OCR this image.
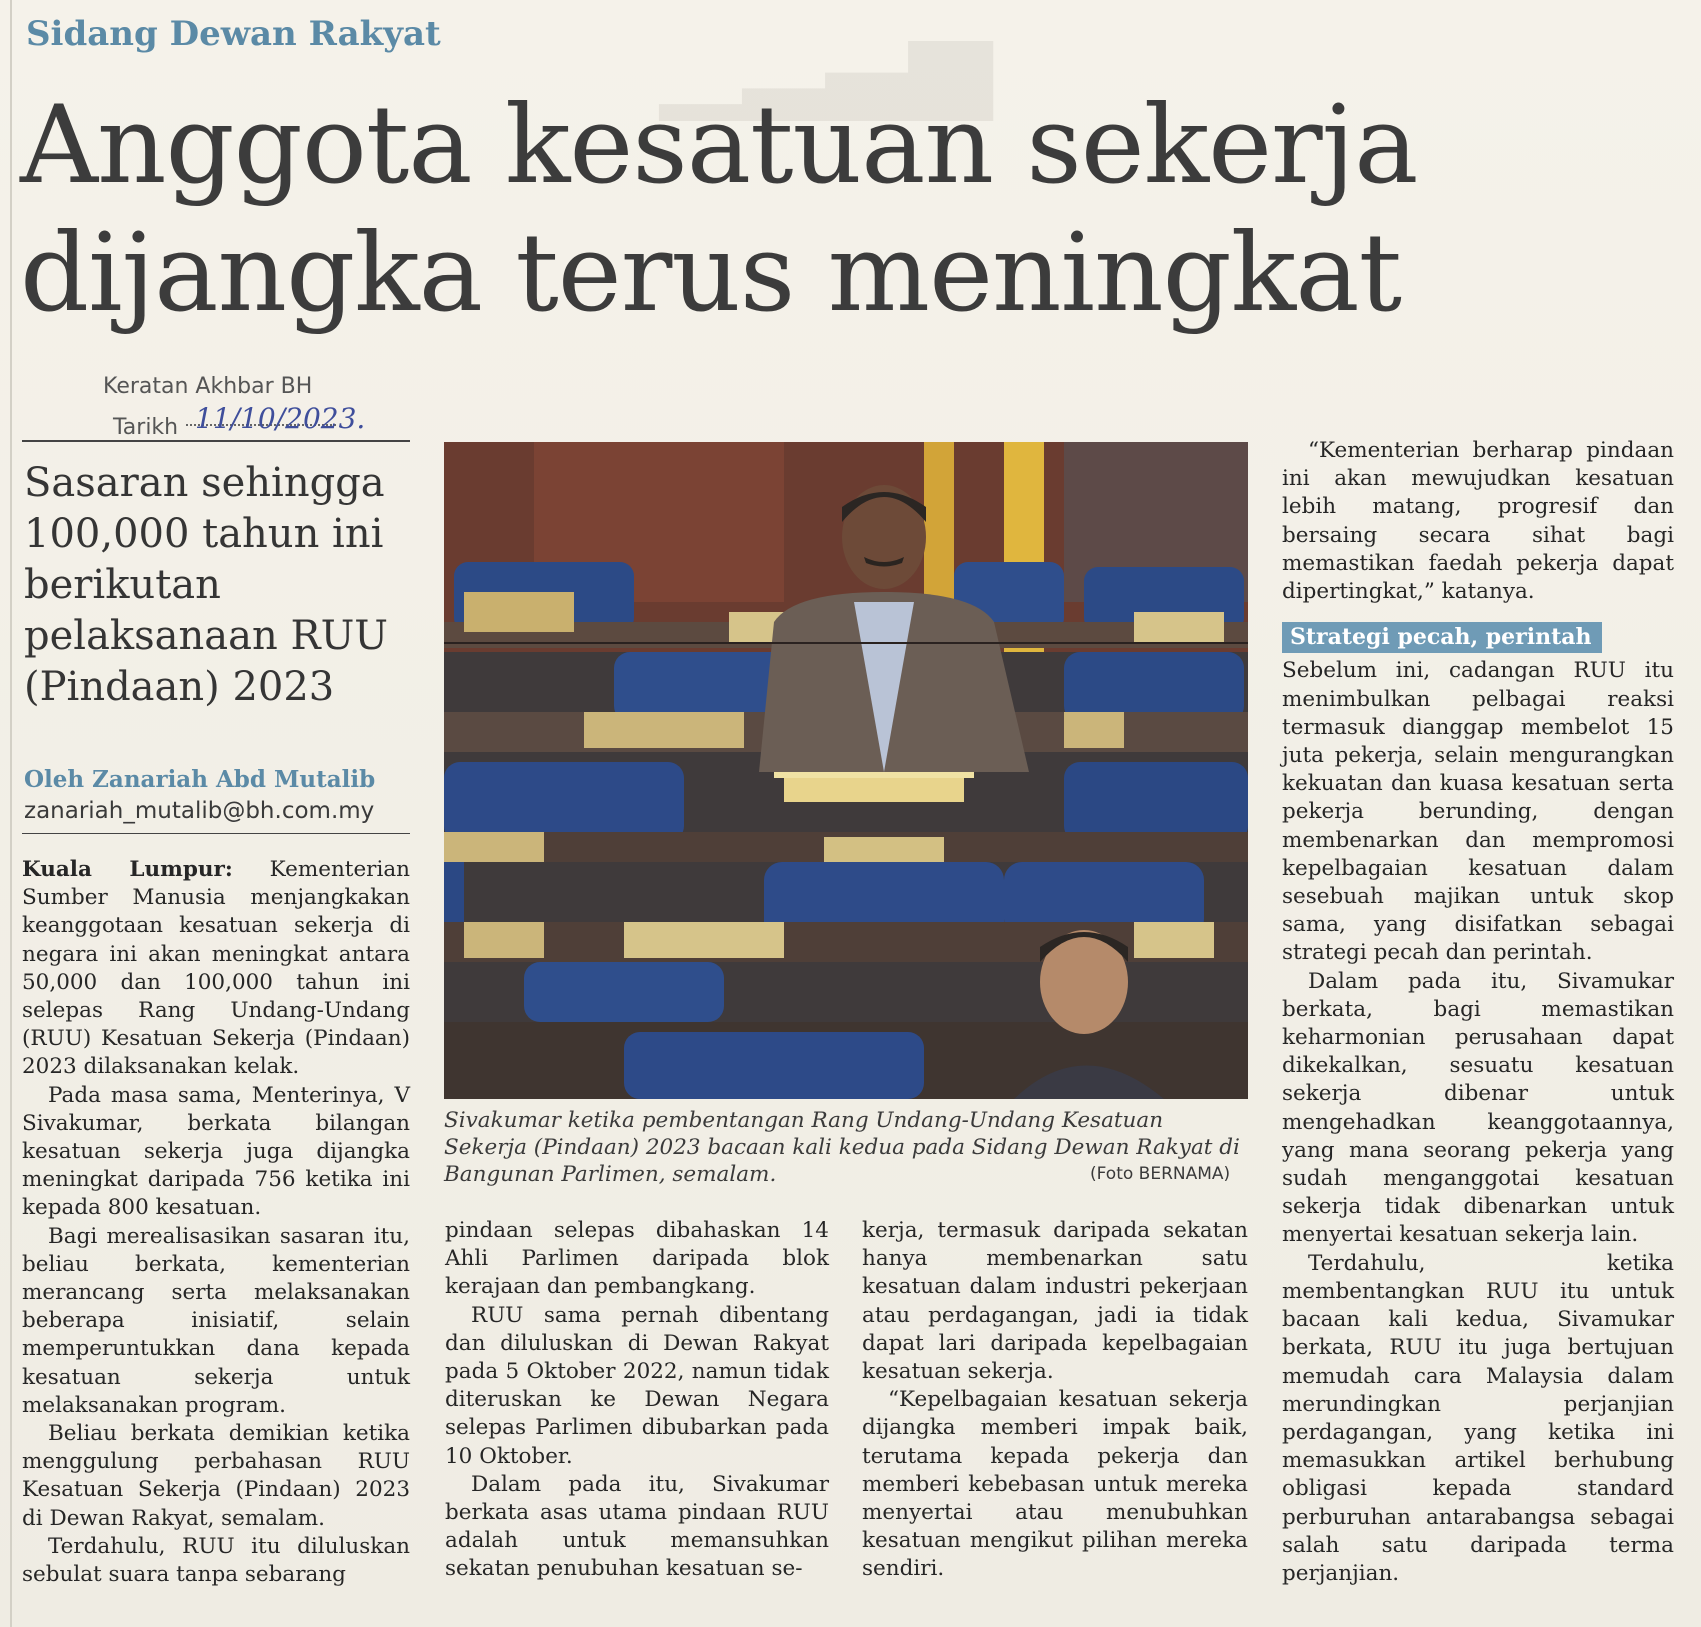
▁▂▃▅
Sidang Dewan Rakyat
Anggota kesatuan sekerja
dijangka terus meningkat
Keratan Akhbar BH
Tarikh 11/10/2023.
Sasaran sehingga 100,000 tahun ini berikutan pelaksanaan RUU (Pindaan) 2023
Oleh Zanariah Abd Mutalib
zanariah_mutalib@bh.com.my

Kuala Lumpur: Kementerian Sumber Manusia menjangkakan keanggotaan kesatuan sekerja di negara ini akan meningkat antara 50,000 dan 100,000 tahun ini selepas Rang Undang-Undang (RUU) Kesatuan Sekerja (Pindaan) 2023 dilaksanakan kelak.

Pada masa sama, Menterinya, V Sivakumar, berkata bilangan kesatuan sekerja juga dijangka meningkat daripada 756 ketika ini kepada 800 kesatuan.

Bagi merealisasikan sasaran itu, beliau berkata, kementerian merancang serta melaksanakan beberapa inisiatif, selain memperuntukkan dana kepada kesatuan sekerja untuk melaksanakan program.

Beliau berkata demikian ketika menggulung perbahasan RUU Kesatuan Sekerja (Pindaan) 2023 di Dewan Rakyat, semalam.

Terdahulu, RUU itu diluluskan sebulat suara tanpa sebarang

Sivakumar ketika pembentangan Rang Undang-Undang Kesatuan Sekerja (Pindaan) 2023 bacaan kali kedua pada Sidang Dewan Rakyat di Bangunan Parlimen, semalam.	(Foto BERNAMA)

pindaan selepas dibahaskan 14 Ahli Parlimen daripada blok kerajaan dan pembangkang.

RUU sama pernah dibentang dan diluluskan di Dewan Rakyat pada 5 Oktober 2022, namun tidak diteruskan ke Dewan Negara selepas Parlimen dibubarkan pada 10 Oktober.

Dalam pada itu, Sivakumar berkata asas utama pindaan RUU adalah untuk memansuhkan sekatan penubuhan kesatuan se-

kerja, termasuk daripada sekatan hanya membenarkan satu kesatuan dalam industri pekerjaan atau perdagangan, jadi ia tidak dapat lari daripada kepelbagaian kesatuan sekerja.

“Kepelbagaian kesatuan sekerja dijangka memberi impak baik, terutama kepada pekerja dan memberi kebebasan untuk mereka menyertai atau menubuhkan kesatuan mengikut pilihan mereka sendiri.

“Kementerian berharap pindaan ini akan mewujudkan kesatuan lebih matang, progresif dan bersaing secara sihat bagi memastikan faedah pekerja dapat dipertingkat,” katanya.

Strategi pecah, perintah

Sebelum ini, cadangan RUU itu menimbulkan pelbagai reaksi termasuk dianggap membelot 15 juta pekerja, selain mengurangkan kekuatan dan kuasa kesatuan serta pekerja berunding, dengan membenarkan dan mempromosi kepelbagaian kesatuan dalam sesebuah majikan untuk skop sama, yang disifatkan sebagai strategi pecah dan perintah.

Dalam pada itu, Sivamukar berkata, bagi memastikan keharmonian perusahaan dapat dikekalkan, sesuatu kesatuan sekerja dibenar untuk mengehadkan keanggotaannya, yang mana seorang pekerja yang sudah menganggotai kesatuan sekerja tidak dibenarkan untuk menyertai kesatuan sekerja lain.

Terdahulu, ketika membentangkan RUU itu untuk bacaan kali kedua, Sivamukar berkata, RUU itu juga bertujuan memudah cara Malaysia dalam merundingkan perjanjian perdagangan, yang ketika ini memasukkan artikel berhubung obligasi kepada standard perburuhan antarabangsa sebagai salah satu daripada terma perjanjian.
